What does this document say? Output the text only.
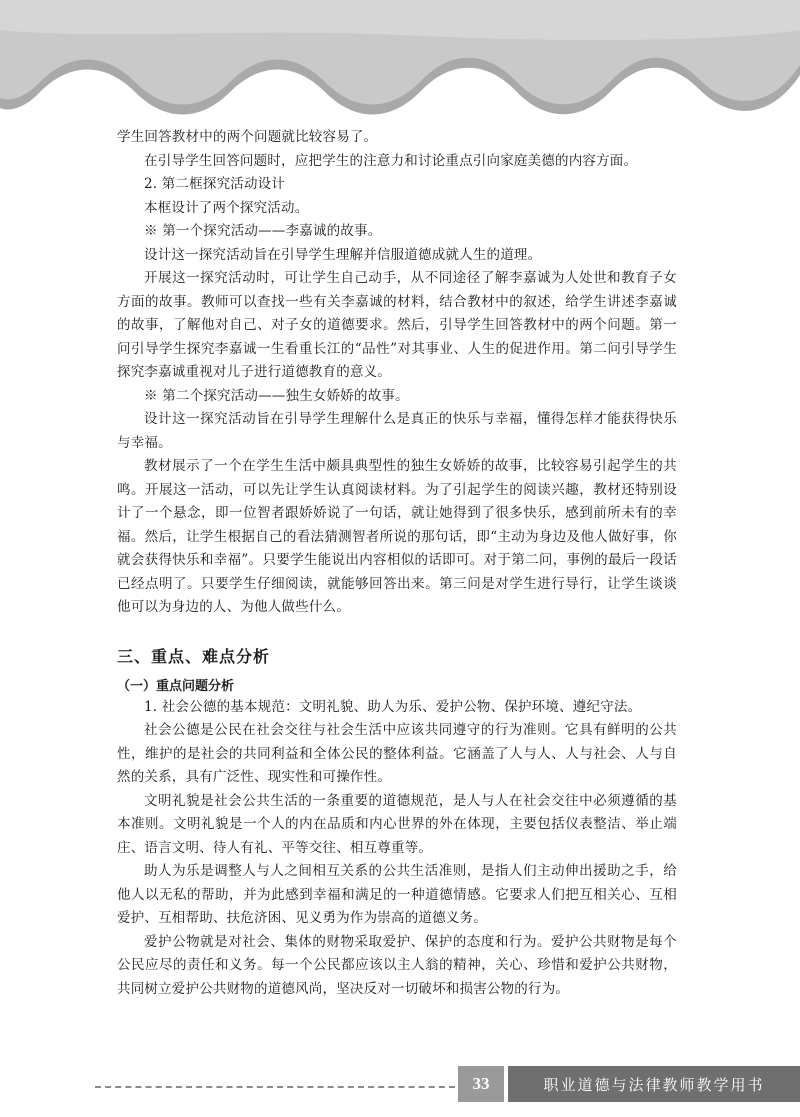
学生回答教材中的两个问题就比较容易了。

在引导学生回答问题时，应把学生的注意力和讨论重点引向家庭美德的内容方面。

2. 第二框探究活动设计

本框设计了两个探究活动。

※ 第一个探究活动——李嘉诚的故事。

设计这一探究活动旨在引导学生理解并信服道德成就人生的道理。

开展这一探究活动时，可让学生自己动手，从不同途径了解李嘉诚为人处世和教育子女方面的故事。教师可以查找一些有关李嘉诚的材料，结合教材中的叙述，给学生讲述李嘉诚的故事，了解他对自己、对子女的道德要求。然后，引导学生回答教材中的两个问题。第一问引导学生探究李嘉诚一生看重长江的“品性”对其事业、人生的促进作用。第二问引导学生探究李嘉诚重视对儿子进行道德教育的意义。

※ 第二个探究活动——独生女娇娇的故事。

设计这一探究活动旨在引导学生理解什么是真正的快乐与幸福，懂得怎样才能获得快乐与幸福。

教材展示了一个在学生生活中颇具典型性的独生女娇娇的故事，比较容易引起学生的共鸣。开展这一活动，可以先让学生认真阅读材料。为了引起学生的阅读兴趣，教材还特别设计了一个悬念，即一位智者跟娇娇说了一句话，就让她得到了很多快乐，感到前所未有的幸福。然后，让学生根据自己的看法猜测智者所说的那句话，即“主动为身边及他人做好事，你就会获得快乐和幸福”。只要学生能说出内容相似的话即可。对于第二问，事例的最后一段话已经点明了。只要学生仔细阅读，就能够回答出来。第三问是对学生进行导行，让学生谈谈他可以为身边的人、为他人做些什么。

三、重点、难点分析
（一）重点问题分析

1. 社会公德的基本规范：文明礼貌、助人为乐、爱护公物、保护环境、遵纪守法。

社会公德是公民在社会交往与社会生活中应该共同遵守的行为准则。它具有鲜明的公共性，维护的是社会的共同利益和全体公民的整体利益。它涵盖了人与人、人与社会、人与自然的关系，具有广泛性、现实性和可操作性。

文明礼貌是社会公共生活的一条重要的道德规范，是人与人在社会交往中必须遵循的基本准则。文明礼貌是一个人的内在品质和内心世界的外在体现，主要包括仪表整洁、举止端庄、语言文明、待人有礼、平等交往、相互尊重等。

助人为乐是调整人与人之间相互关系的公共生活准则，是指人们主动伸出援助之手，给他人以无私的帮助，并为此感到幸福和满足的一种道德情感。它要求人们把互相关心、互相爱护、互相帮助、扶危济困、见义勇为作为崇高的道德义务。

爱护公物就是对社会、集体的财物采取爱护、保护的态度和行为。爱护公共财物是每个公民应尽的责任和义务。每一个公民都应该以主人翁的精神，关心、珍惜和爱护公共财物，共同树立爱护公共财物的道德风尚，坚决反对一切破坏和损害公物的行为。

33	职业道德与法律教师教学用书
